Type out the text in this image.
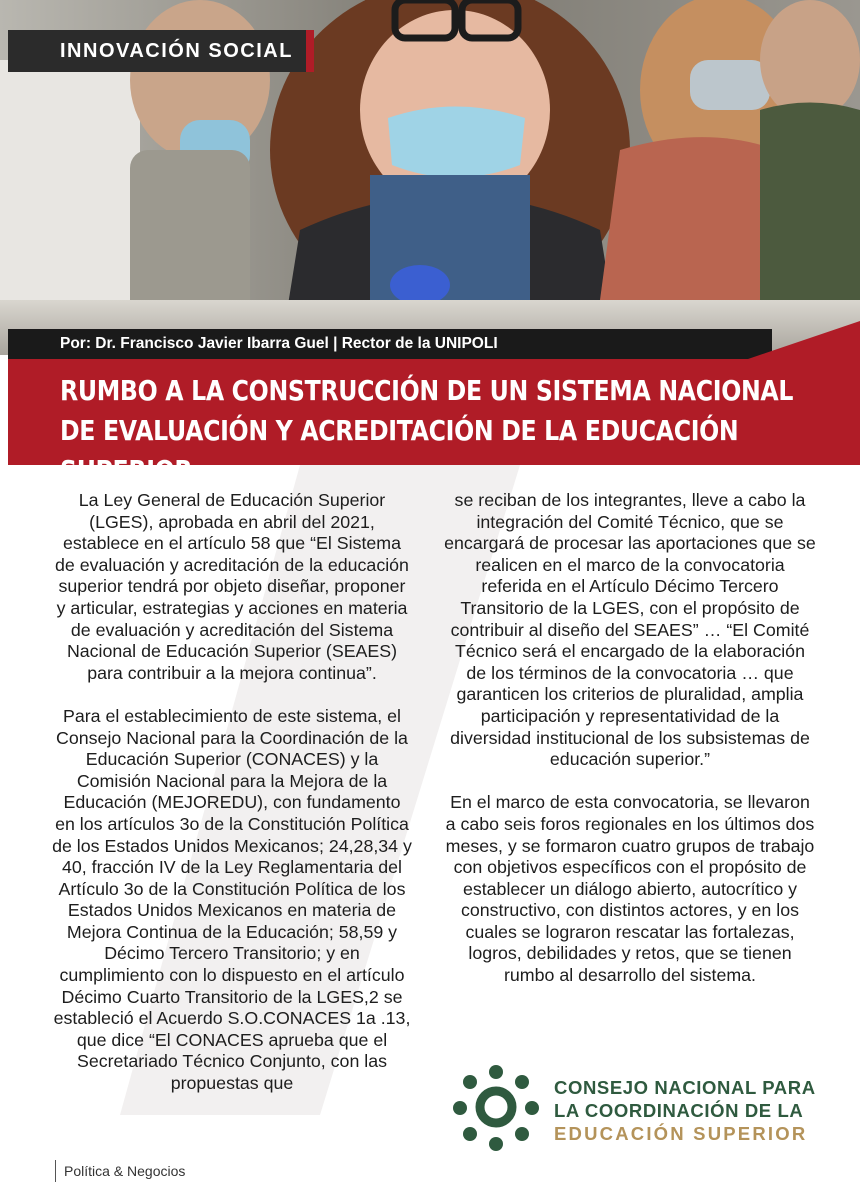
INNOVACIÓN SOCIAL
Por: Dr. Francisco Javier Ibarra Guel | Rector de la UNIPOLI
RUMBO A LA CONSTRUCCIÓN DE UN SISTEMA NACIONAL
DE EVALUACIÓN Y ACREDITACIÓN DE LA EDUCACIÓN SUPERIOR.

La Ley General de Educación Superior (LGES), aprobada en abril del 2021, establece en el artículo 58 que “El Sistema de evaluación y acreditación de la educación superior tendrá por objeto diseñar, proponer y articular, estrategias y acciones en materia de evaluación y acreditación del Sistema Nacional de Educación Superior (SEAES) para contribuir a la mejora continua”.

Para el establecimiento de este sistema, el Consejo Nacional para la Coordinación de la Educación Superior (CONACES) y la Comisión Nacional para la Mejora de la Educación (MEJOREDU), con fundamento en los artículos 3o de la Constitución Política de los Estados Unidos Mexicanos; 24,28,34 y 40, fracción IV de la Ley Reglamentaria del Artículo 3o de la Constitución Política de los Estados Unidos Mexicanos en materia de Mejora Continua de la Educación; 58,59 y Décimo Tercero Transitorio; y en cumplimiento con lo dispuesto en el artículo Décimo Cuarto Transitorio de la LGES,2 se estableció el Acuerdo S.O.CONACES 1a .13, que dice “El CONACES aprueba que el Secretariado Técnico Conjunto, con las propuestas que

se reciban de los integrantes, lleve a cabo la integración del Comité Técnico, que se encargará de procesar las aportaciones que se realicen en el marco de la convocatoria referida en el Artículo Décimo Tercero Transitorio de la LGES, con el propósito de contribuir al diseño del SEAES” … “El Comité Técnico será el encargado de la elaboración de los términos de la convocatoria … que garanticen los criterios de pluralidad, amplia participación y representatividad de la diversidad institucional de los subsistemas de educación superior.”

En el marco de esta convocatoria, se llevaron a cabo seis foros regionales en los últimos dos meses, y se formaron cuatro grupos de trabajo con objetivos específicos con el propósito de establecer un diálogo abierto, autocrítico y constructivo, con distintos actores, y en los cuales se lograron rescatar las fortalezas, logros, debilidades y retos, que se tienen rumbo al desarrollo del sistema.

CONSEJO NACIONAL PARA
LA COORDINACIÓN DE LA
EDUCACIÓN SUPERIOR
Política & Negocios
